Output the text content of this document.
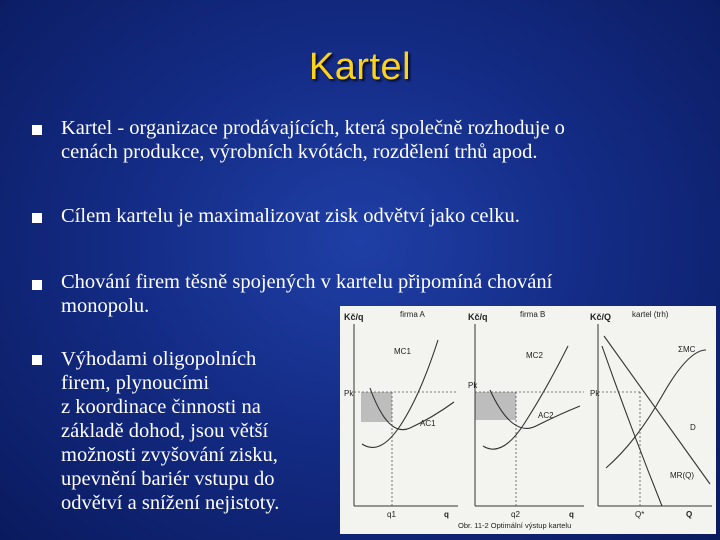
Kartel
Kartel - organizace prodávajících, která společně rozhoduje o
cenách produkce, výrobních kvótách, rozdělení trhů apod.
Cílem kartelu je maximalizovat zisk odvětví jako celku.
Chování firem těsně spojených v kartelu připomíná chování
monopolu.
Výhodami oligopolních
firem, plynoucími
z koordinace činnosti na
základě dohod, jsou větší
možnosti zvyšování zisku,
upevnění bariér vstupu do
odvětví a snížení nejistoty.
Kč/q	firma A
MC1
AC1
Pk
q1	q
Kč/q	firma B
MC2
AC2
Pk
q2	q
Kč/Q	kartel (trh)
ΣMC
D
MR(Q)
Pk
Q*	Q
Obr. 11-2 Optimální výstup kartelu
